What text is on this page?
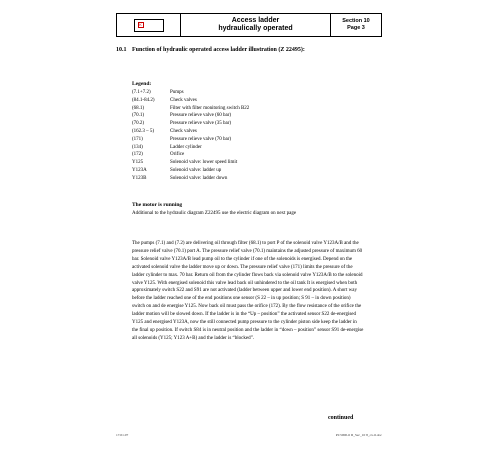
K
Access ladder
hydraulically operated
Section 10
Page 3
10.1 Function of hydraulic operated access ladder illustration (Z 22495):
Legend:
(7.1+7.2)	Pumps
(84.1-84.2)	Check valves
(68.1)	Filter with filter monitoring switch B22
(70.1)	Pressure relieve valve (60 bar)
(70.2)	Pressure relieve valve (35 bar)
(162.3 – 5)	Check valves
(171)	Pressure relieve valve (70 bar)
(134)	Ladder cylinder
(172)	Orifice
Y125	Solenoid valve: lower speed limit
Y123A	Solenoid valve: ladder up
Y123B	Solenoid valve: ladder down
The motor is running
Additional to the hydraulic diagram Z22495 use the electric diagram on next page
The pumps (7.1) and (7.2) are delivering oil through filter (68.1) to port P of the solenoid valve Y123A/B and the pressure relief valve (70.1) port A. The pressure relief valve (70.1) maintains the adjusted pressure of maximum 60 bar. Solenoid valve Y123A/B lead pump oil to the cylinder if one of the solenoids is energised. Depend on the activated solenoid valve the ladder move up or down. The pressure relief valve (171) limits the pressure of the ladder cylinder to max. 70 bar. Return oil from the cylinder flows back via solenoid valve Y123A/B to the solenoid valve Y125. With energised solenoid this valve lead back oil unhindered to the oil tank It is energised when both approximately switch S22 and S91 are not activated (ladder between upper and lower end position). A short way before the ladder reached one of the end positions one sensor (S 22 – in up position; S 91 – in down position) switch on and de energise Y125. Now back oil must pass the orifice (172). By the flow resistance of the orifice the ladder motion will be slowed down. If the ladder is in the “Up – position” the activated sensor S22 de-energised Y125 and energised Y123A, now the still connected pump pressure to the cylinder piston side keep the ladder in the final up position. If switch S84 is in neutral position and the ladder in “down – position” sensor S91 de-energise all solenoids (Y125; Y123 A+B) and the ladder is “blocked”.
continued
17.01.07	PC5000-6 II_Sec_10 8_ov-6.doc
